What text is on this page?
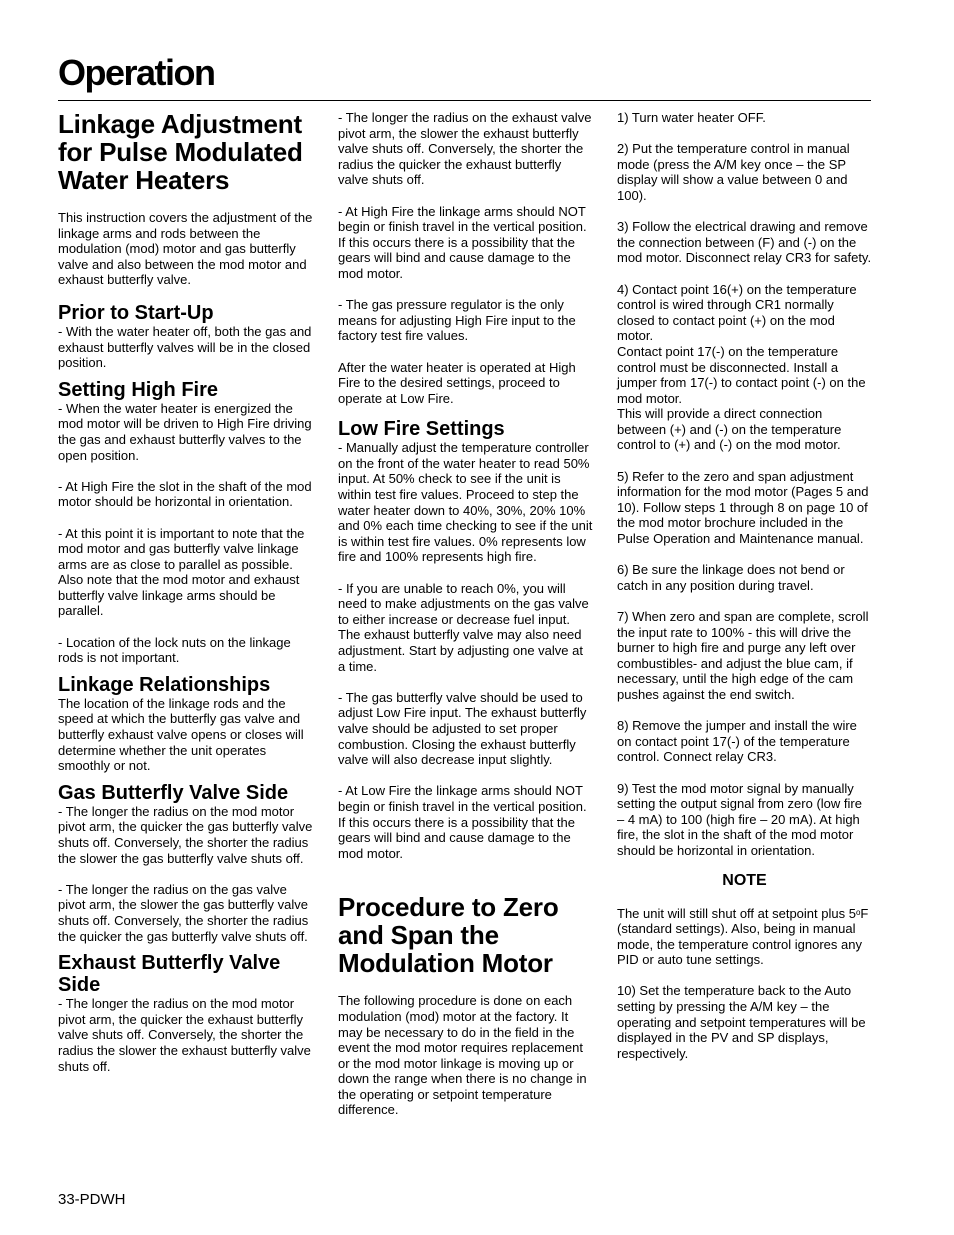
Operation
Linkage Adjustment for Pulse Modulated Water Heaters

This instruction covers the adjustment of the linkage arms and rods between the modulation (mod) motor and gas butterfly valve and also between the mod motor and exhaust butterfly valve.

Prior to Start-Up

- With the water heater off, both the gas and exhaust butterfly valves will be in the closed position.

Setting High Fire

- When the water heater is energized the mod motor will be driven to High Fire driving the gas and exhaust butterfly valves to the open position.

- At High Fire the slot in the shaft of the mod motor should be horizontal in orientation.

- At this point it is important to note that the mod motor and gas butterfly valve linkage arms are as close to parallel as possible. Also note that the mod motor and exhaust butterfly valve linkage arms should be parallel.

- Location of the lock nuts on the linkage rods is not important.

Linkage Relationships

The location of the linkage rods and the speed at which the butterfly gas valve and butterfly exhaust valve opens or closes will determine whether the unit operates smoothly or not.

Gas Butterfly Valve Side

- The longer the radius on the mod motor pivot arm, the quicker the gas butterfly valve shuts off. Conversely, the shorter the radius the slower the gas butterfly valve shuts off.

- The longer the radius on the gas valve pivot arm, the slower the gas butterfly valve shuts off. Conversely, the shorter the radius the quicker the gas butterfly valve shuts off.

Exhaust Butterfly Valve Side

- The longer the radius on the mod motor pivot arm, the quicker the exhaust butterfly valve shuts off. Conversely, the shorter the radius the slower the exhaust butterfly valve shuts off.

- The longer the radius on the exhaust valve pivot arm, the slower the exhaust butterfly valve shuts off. Conversely, the shorter the radius the quicker the exhaust butterfly valve shuts off.

- At High Fire the linkage arms should NOT begin or finish travel in the vertical position. If this occurs there is a possibility that the gears will bind and cause damage to the mod motor.

- The gas pressure regulator is the only means for adjusting High Fire input to the factory test fire values.

After the water heater is operated at High Fire to the desired settings, proceed to operate at Low Fire.

Low Fire Settings

- Manually adjust the temperature controller on the front of the water heater to read 50% input. At 50% check to see if the unit is within test fire values. Proceed to step the water heater down to 40%, 30%, 20% 10% and 0% each time checking to see if the unit is within test fire values. 0% represents low fire and 100% represents high fire.

- If you are unable to reach 0%, you will need to make adjustments on the gas valve to either increase or decrease fuel input. The exhaust butterfly valve may also need adjustment. Start by adjusting one valve at a time.

- The gas butterfly valve should be used to adjust Low Fire input. The exhaust butterfly valve should be adjusted to set proper combustion. Closing the exhaust butterfly valve will also decrease input slightly.

- At Low Fire the linkage arms should NOT begin or finish travel in the vertical position. If this occurs there is a possibility that the gears will bind and cause damage to the mod motor.

Procedure to Zero and Span the Modulation Motor

The following procedure is done on each modulation (mod) motor at the factory. It may be necessary to do in the field in the event the mod motor requires replacement or the mod motor linkage is moving up or down the range when there is no change in the operating or setpoint temperature difference.

1) Turn water heater OFF.

2) Put the temperature control in manual mode (press the A/M key once – the SP display will show a value between 0 and 100).

3) Follow the electrical drawing and remove the connection between (F) and (-) on the mod motor. Disconnect relay CR3 for safety.

4) Contact point 16(+) on the temperature control is wired through CR1 normally closed to contact point (+) on the mod motor.

Contact point 17(-) on the temperature control must be disconnected. Install a jumper from 17(-) to contact point (-) on the mod motor.

This will provide a direct connection between (+) and (-) on the temperature control to (+) and (-) on the mod motor.

5) Refer to the zero and span adjustment information for the mod motor (Pages 5 and 10). Follow steps 1 through 8 on page 10 of the mod motor brochure included in the Pulse Operation and Maintenance manual.

6) Be sure the linkage does not bend or catch in any position during travel.

7) When zero and span are complete, scroll the input rate to 100% - this will drive the burner to high fire and purge any left over combustibles- and adjust the blue cam, if necessary, until the high edge of the cam pushes against the end switch.

8) Remove the jumper and install the wire on contact point 17(-) of the temperature control. Connect relay CR3.

9) Test the mod motor signal by manually setting the output signal from zero (low fire – 4 mA) to 100 (high fire – 20 mA). At high fire, the slot in the shaft of the mod motor should be horizontal in orientation.

NOTE

The unit will still shut off at setpoint plus 5$^o$F (standard settings). Also, being in manual mode, the temperature control ignores any PID or auto tune settings.

10) Set the temperature back to the Auto setting by pressing the A/M key – the operating and setpoint temperatures will be displayed in the PV and SP displays, respectively.

33-PDWH
